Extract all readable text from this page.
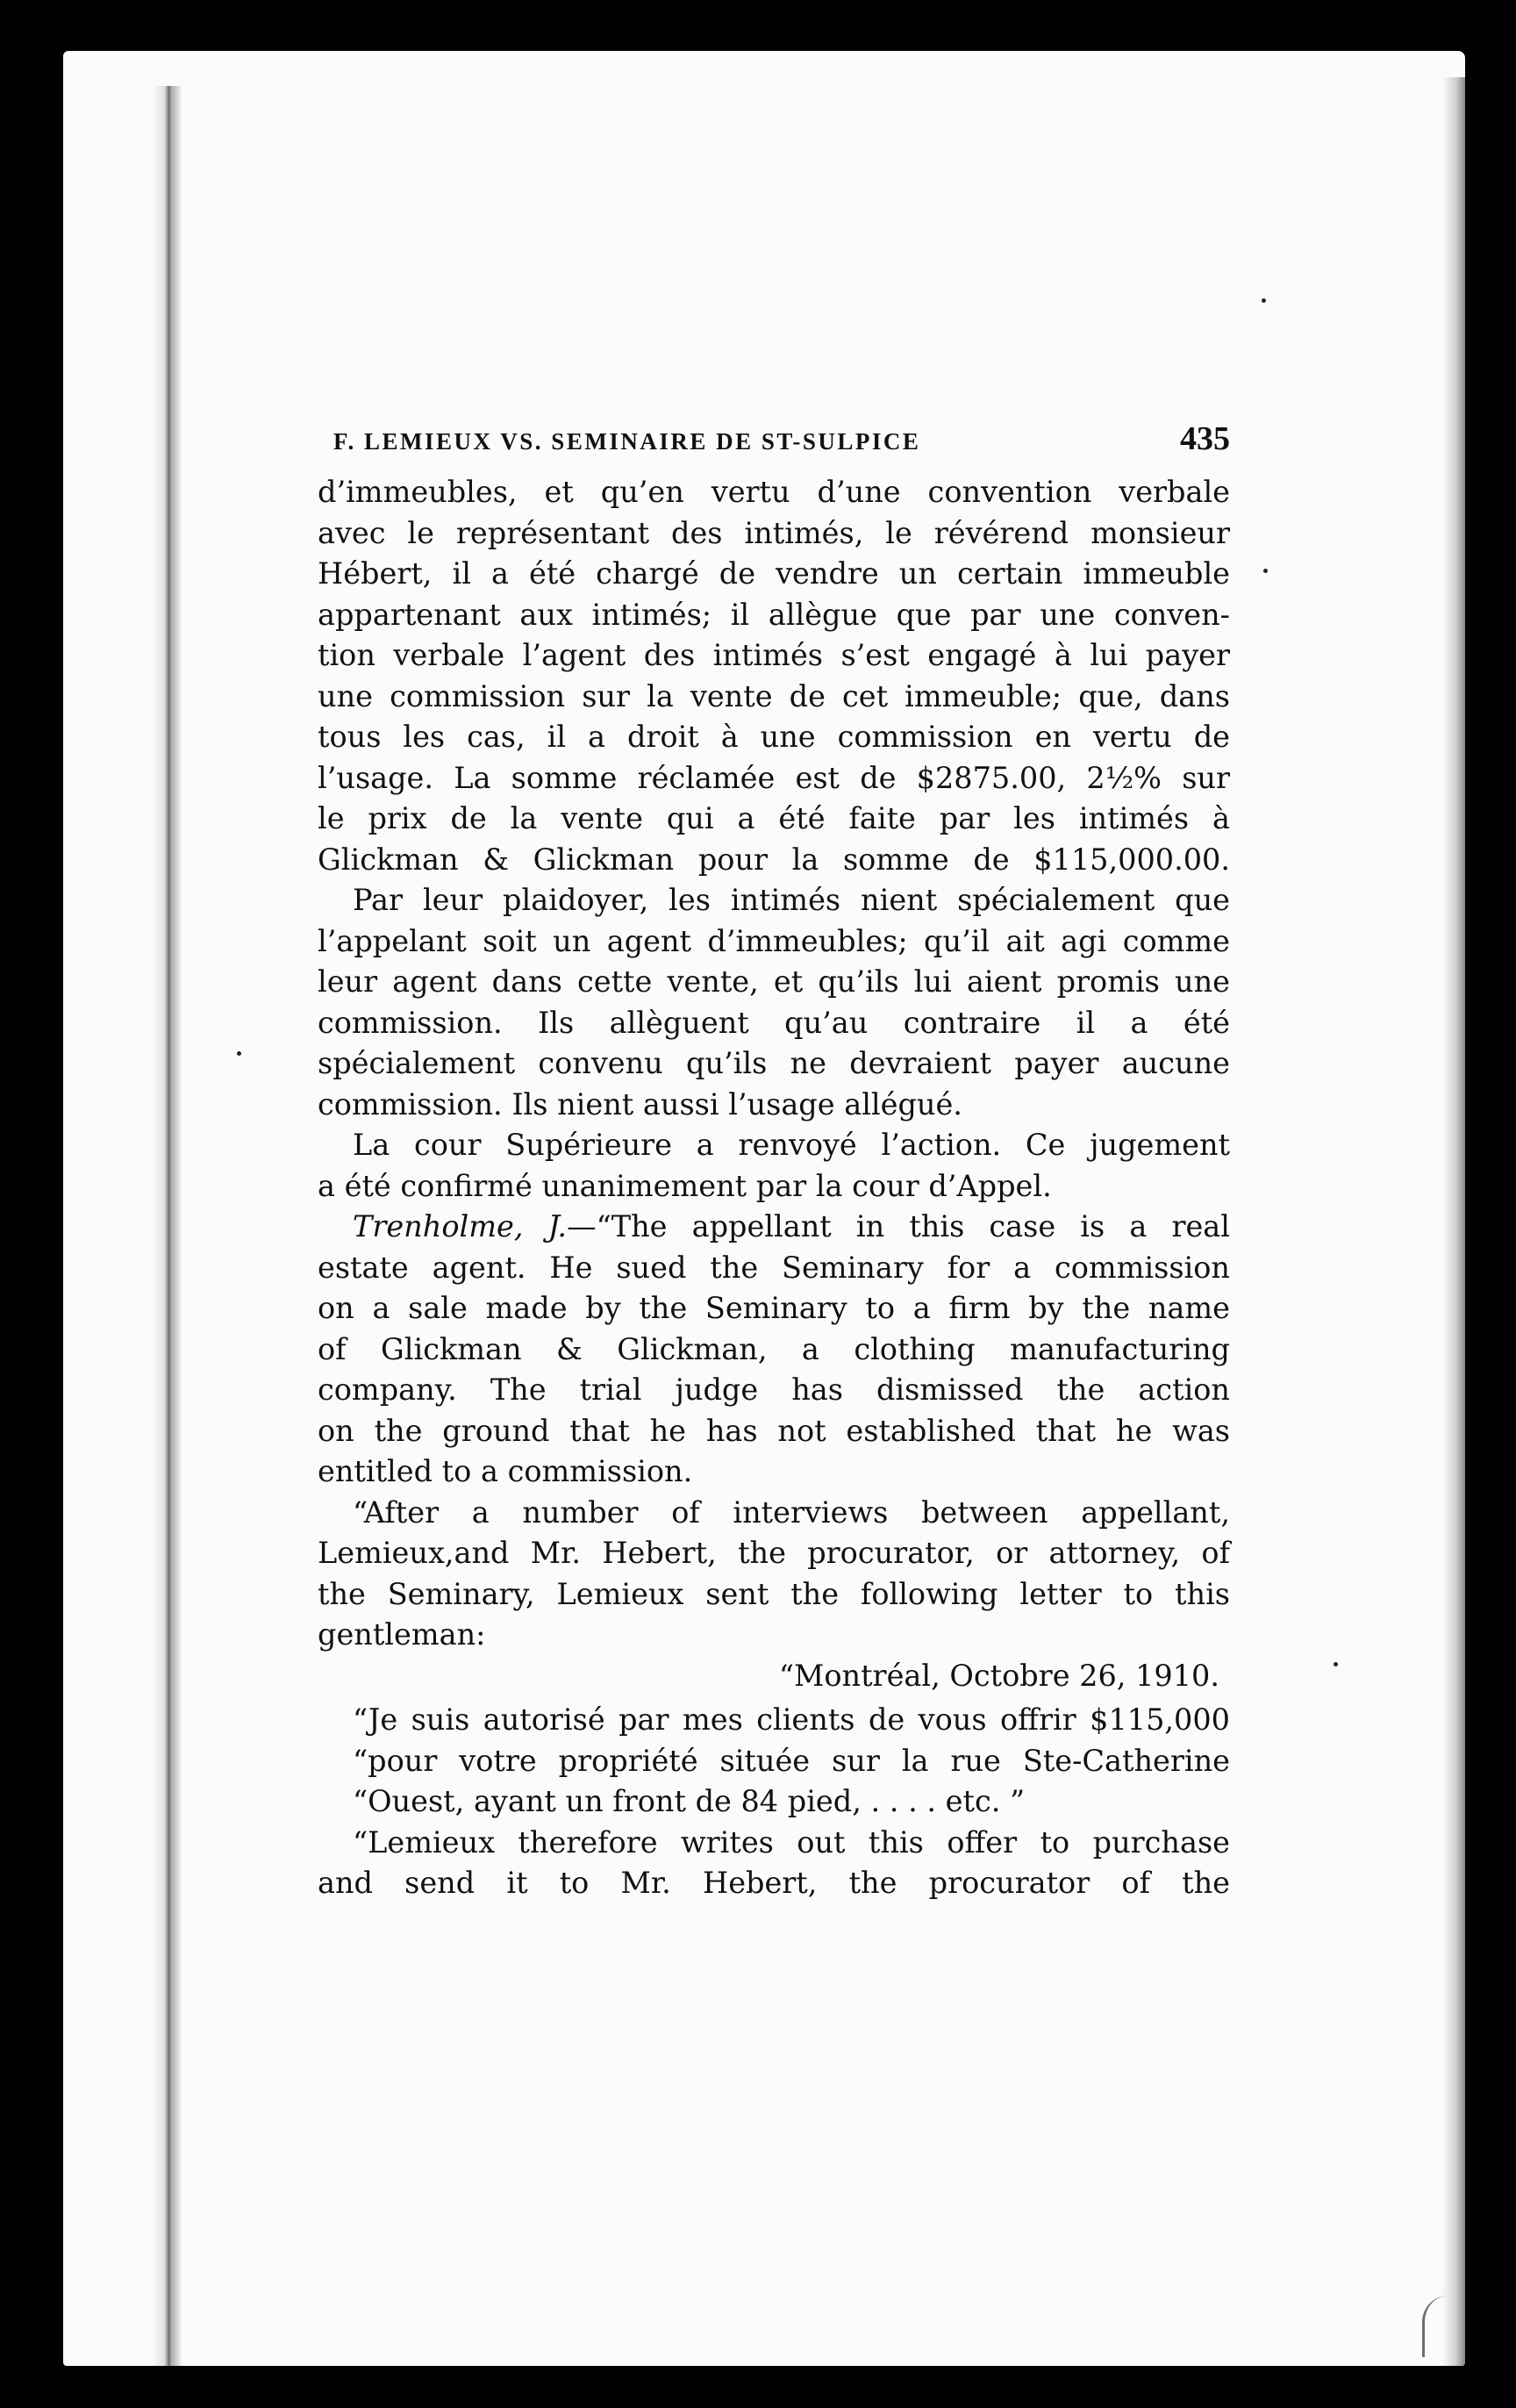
F. LEMIEUX VS. SEMINAIRE DE ST-SULPICE	435

d’immeubles, et qu’en vertu d’une convention verbale

avec le représentant des intimés, le révérend monsieur

Hébert, il a été chargé de vendre un certain immeuble

appartenant aux intimés; il allègue que par une conven-

tion verbale l’agent des intimés s’est engagé à lui payer

une commission sur la vente de cet immeuble; que, dans

tous les cas, il a droit à une commission en vertu de

l’usage. La somme réclamée est de $2875.00, 2½% sur

le prix de la vente qui a été faite par les intimés à

Glickman & Glickman pour la somme de $115,000.00.

Par leur plaidoyer, les intimés nient spécialement que

l’appelant soit un agent d’immeubles; qu’il ait agi comme

leur agent dans cette vente, et qu’ils lui aient promis une

commission. Ils allèguent qu’au contraire il a été

spécialement convenu qu’ils ne devraient payer aucune

commission. Ils nient aussi l’usage allégué.

La cour Supérieure a renvoyé l’action. Ce jugement

a été confirmé unanimement par la cour d’Appel.

Trenholme, J.—“The appellant in this case is a real

estate agent. He sued the Seminary for a commission

on a sale made by the Seminary to a firm by the name

of Glickman & Glickman, a clothing manufacturing

company. The trial judge has dismissed the action

on the ground that he has not established that he was

entitled to a commission.

“After a number of interviews between appellant,

Lemieux,and Mr. Hebert, the procurator, or attorney, of

the Seminary, Lemieux sent the following letter to this

gentleman:

“Montréal, Octobre 26, 1910.

“Je suis autorisé par mes clients de vous offrir $115,000

“pour votre propriété située sur la rue Ste-Catherine

“Ouest, ayant un front de 84 pied, . . . . etc. ”

“Lemieux therefore writes out this offer to purchase

and send it to Mr. Hebert, the procurator of the
